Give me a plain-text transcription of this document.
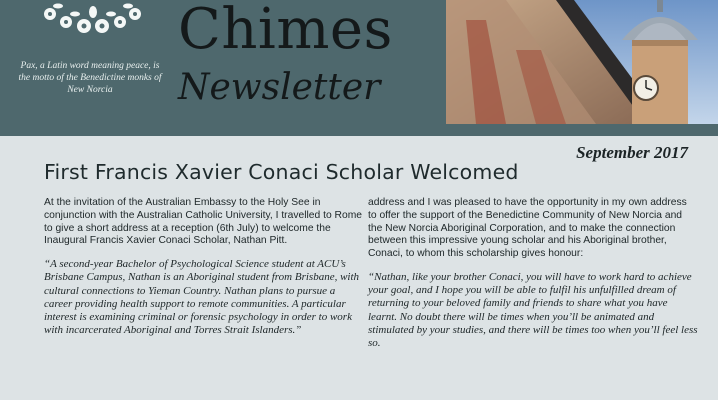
Pax, a Latin word meaning peace, is the motto of the Benedictine monks of New Norcia
Chimes
Newsletter
September 2017
First Francis Xavier Conaci Scholar Welcomed

At the invitation of the Australian Embassy to the Holy See in conjunction with the Australian Catholic University, I travelled to Rome to give a short address at a reception (6th July) to welcome the Inaugural Francis Xavier Conaci Scholar, Nathan Pitt.

“A second-year Bachelor of Psychological Science student at ACU’s Brisbane Campus, Nathan is an Aboriginal student from Brisbane, with cultural connections to Yieman Country. Nathan plans to pursue a career providing health support to remote communities. A particular interest is examining criminal or forensic psychology in order to work with incarcerated Aboriginal and Torres Strait Islanders.”

address and I was pleased to have the opportunity in my own address to offer the support of the Benedictine Community of New Norcia and the New Norcia Aboriginal Corporation, and to make the connection between this impressive young scholar and his Aboriginal brother, Conaci, to whom this scholarship gives honour:

“Nathan, like your brother Conaci, you will have to work hard to achieve your goal, and I hope you will be able to fulfil his unfulfilled dream of returning to your beloved family and friends to share what you have learnt. No doubt there will be times when you’ll be animated and stimulated by your studies, and there will be times too when you’ll feel less so.
